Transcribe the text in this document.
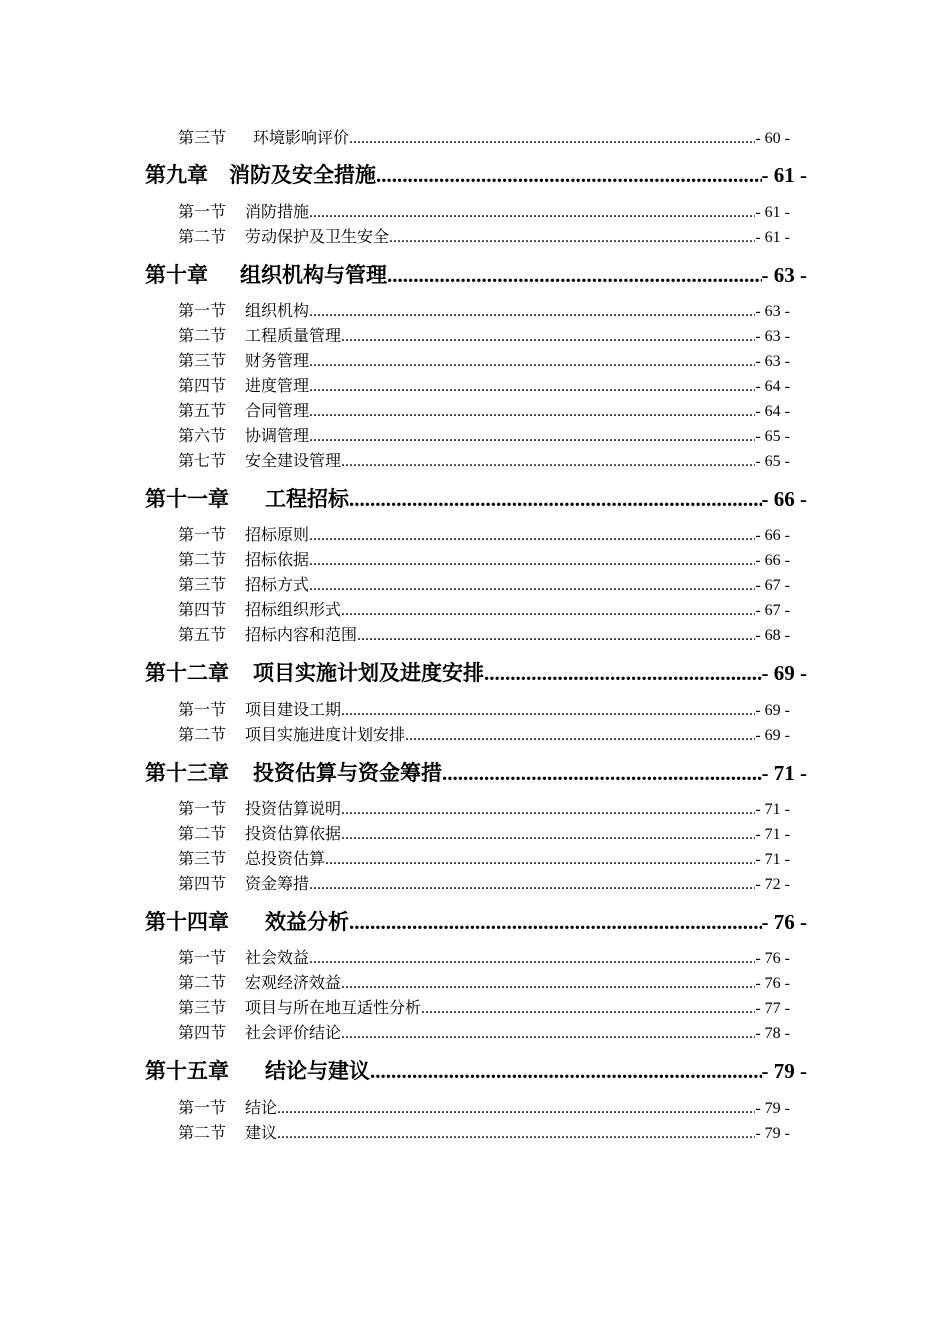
第三节	环境影响评价 .....	- 60 -
第九章	消防及安全措施 .....	- 61 -
第一节	消防措施 .....	- 61 -
第二节	劳动保护及卫生安全 .....	- 61 -
第十章	组织机构与管理 .....	- 63 -
第一节	组织机构 .....	- 63 -
第二节	工程质量管理 .....	- 63 -
第三节	财务管理 .....	- 63 -
第四节	进度管理 .....	- 64 -
第五节	合同管理 .....	- 64 -
第六节	协调管理 .....	- 65 -
第七节	安全建设管理 .....	- 65 -
第十一章	工程招标 .....	- 66 -
第一节	招标原则 .....	- 66 -
第二节	招标依据 .....	- 66 -
第三节	招标方式 .....	- 67 -
第四节	招标组织形式 .....	- 67 -
第五节	招标内容和范围 .....	- 68 -
第十二章	项目实施计划及进度安排 .....	- 69 -
第一节	项目建设工期 .....	- 69 -
第二节	项目实施进度计划安排 .....	- 69 -
第十三章	投资估算与资金筹措 .....	- 71 -
第一节	投资估算说明 .....	- 71 -
第二节	投资估算依据 .....	- 71 -
第三节	总投资估算 .....	- 71 -
第四节	资金筹措 .....	- 72 -
第十四章	效益分析 .....	- 76 -
第一节	社会效益 .....	- 76 -
第二节	宏观经济效益 .....	- 76 -
第三节	项目与所在地互适性分析 .....	- 77 -
第四节	社会评价结论 .....	- 78 -
第十五章	结论与建议 .....	- 79 -
第一节	结论 .....	- 79 -
第二节	建议 .....	- 79 -
